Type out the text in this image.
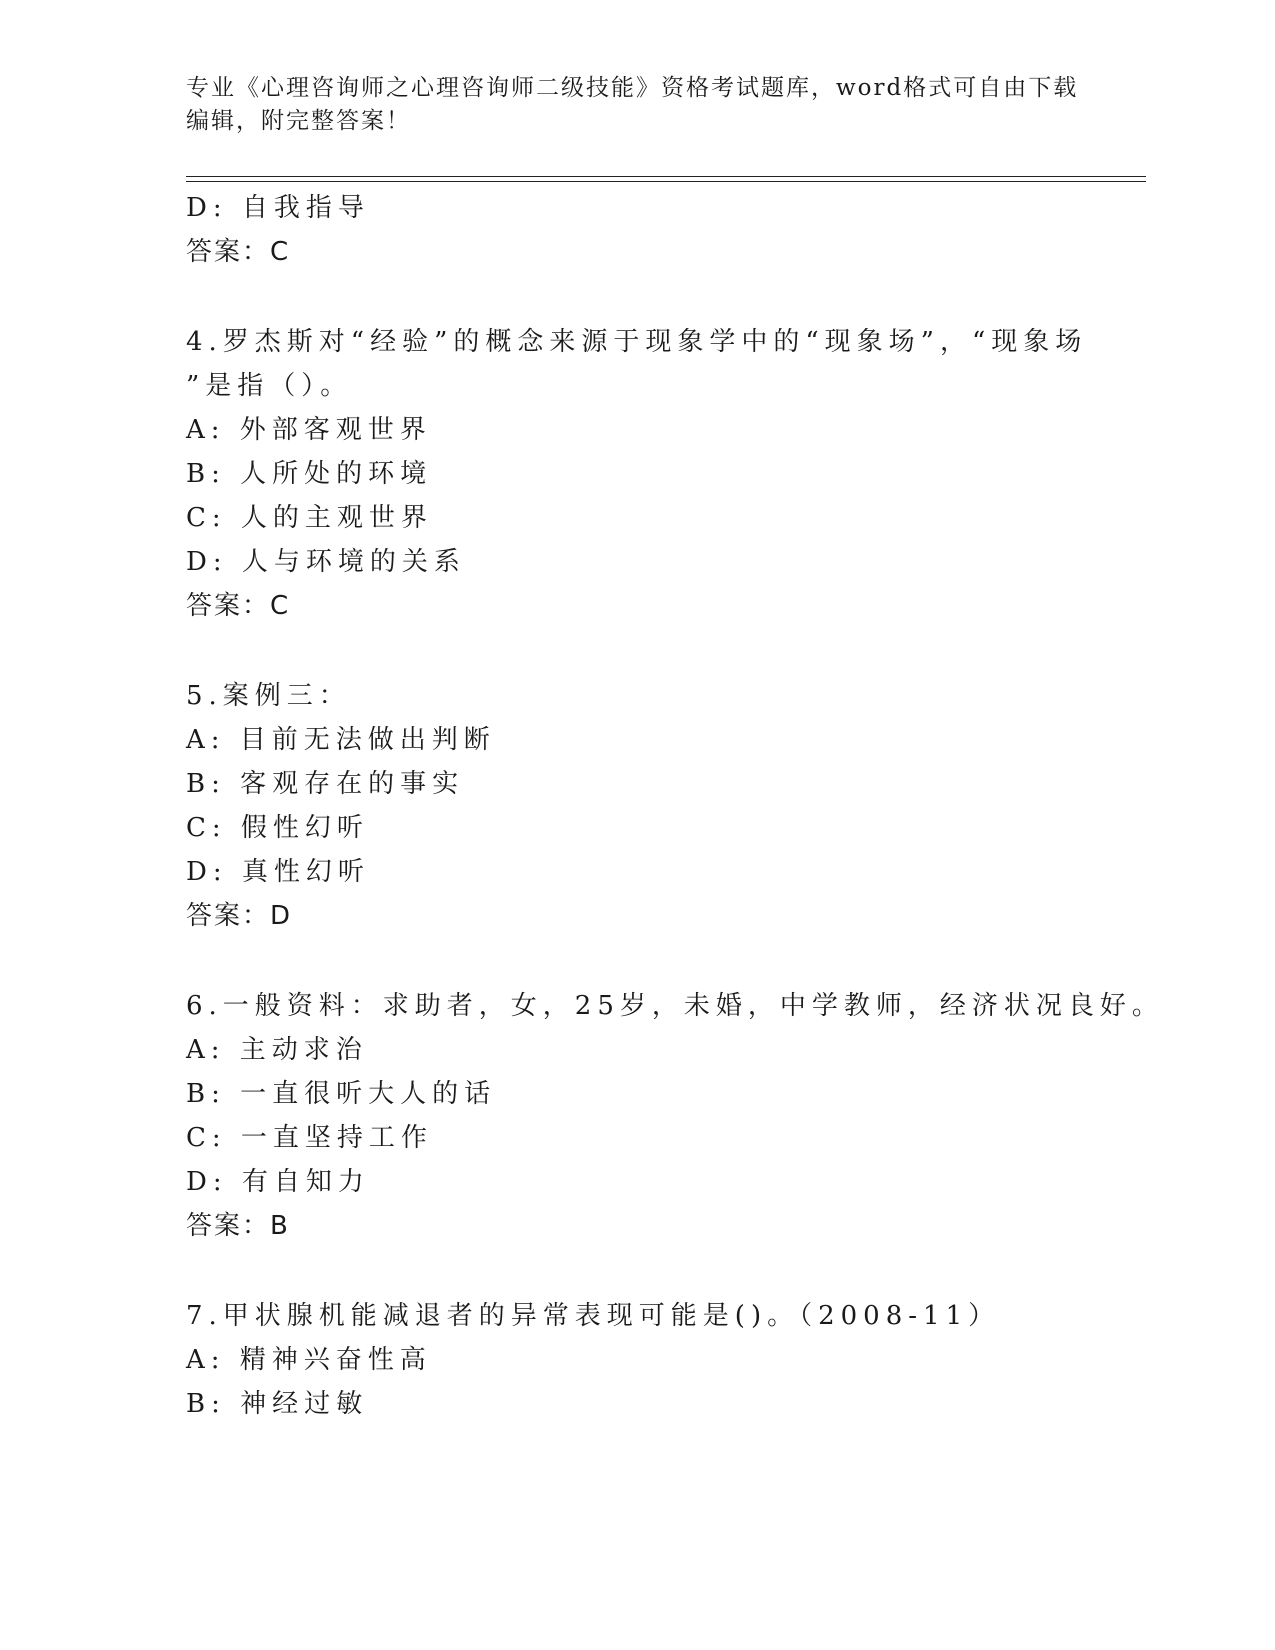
专业《心理咨询师之心理咨询师二级技能》资格考试题库，word格式可自由下载
编辑，附完整答案！
D: 自我指导
答案：C
4.罗杰斯对“经验”的概念来源于现象学中的“现象场”，“现象场
”是指（）。
A: 外部客观世界
B: 人所处的环境
C: 人的主观世界
D: 人与环境的关系
答案：C
5.案例三：
A: 目前无法做出判断
B: 客观存在的事实
C: 假性幻听
D: 真性幻听
答案：D
6.一般资料：求助者，女，25岁，未婚，中学教师，经济状况良好。
A: 主动求治
B: 一直很听大人的话
C: 一直坚持工作
D: 有自知力
答案：B
7.甲状腺机能减退者的异常表现可能是()。（2008-11）
A: 精神兴奋性高
B: 神经过敏
